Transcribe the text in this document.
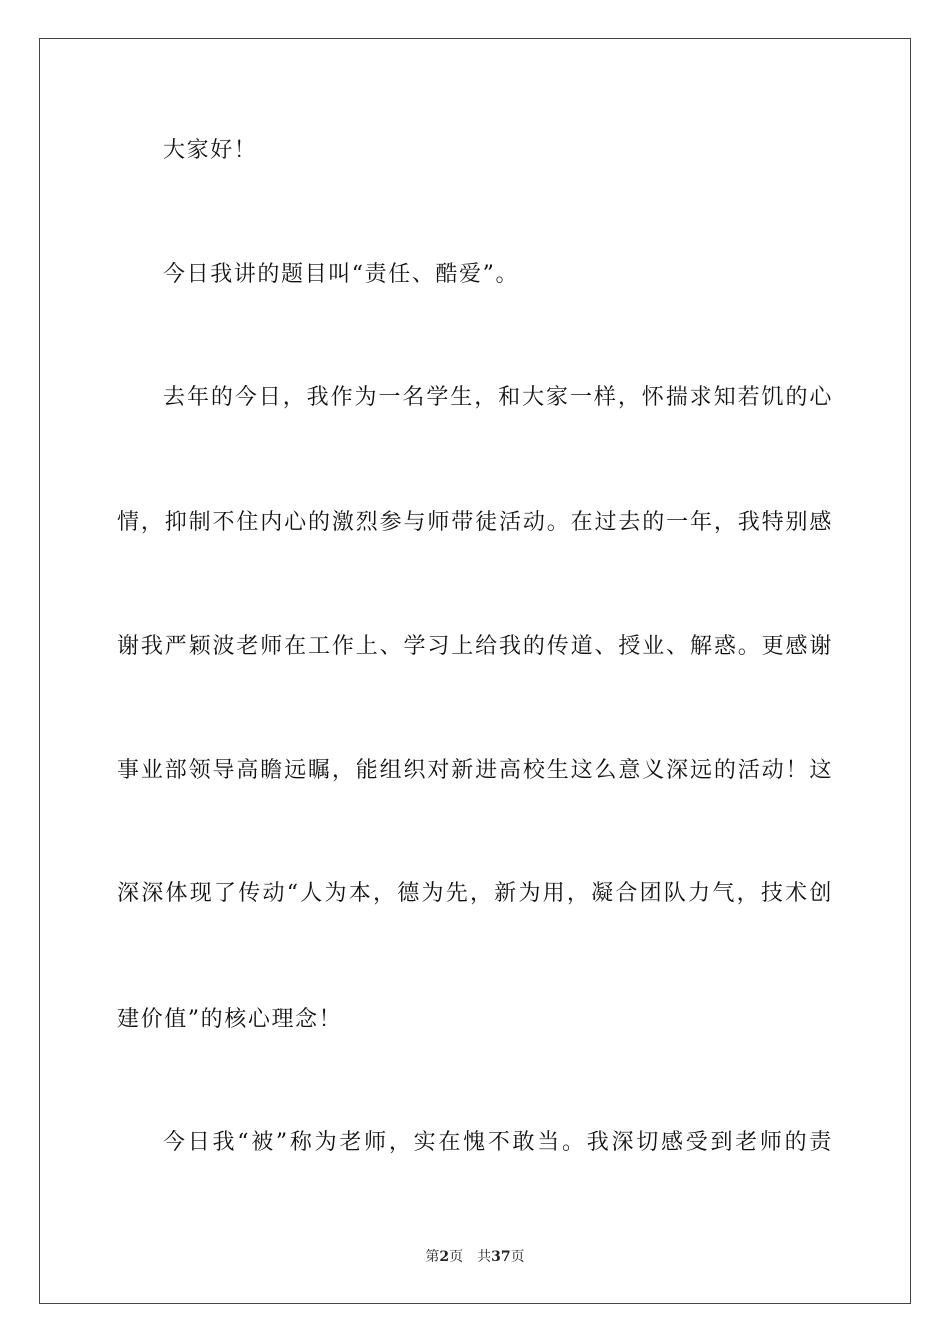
大家好！
今日我讲的题目叫“责任、酷爱”。
去年的今日，我作为一名学生，和大家一样，怀揣求知若饥的心
情，抑制不住内心的激烈参与师带徒活动。在过去的一年，我特别感
谢我严颖波老师在工作上、学习上给我的传道、授业、解惑。更感谢
事业部领导高瞻远瞩，能组织对新进高校生这么意义深远的活动！这
深深体现了传动“人为本，德为先，新为用，凝合团队力气，技术创
建价值”的核心理念！
今日我“被”称为老师，实在愧不敢当。我深切感受到老师的责
第2页 共37页
